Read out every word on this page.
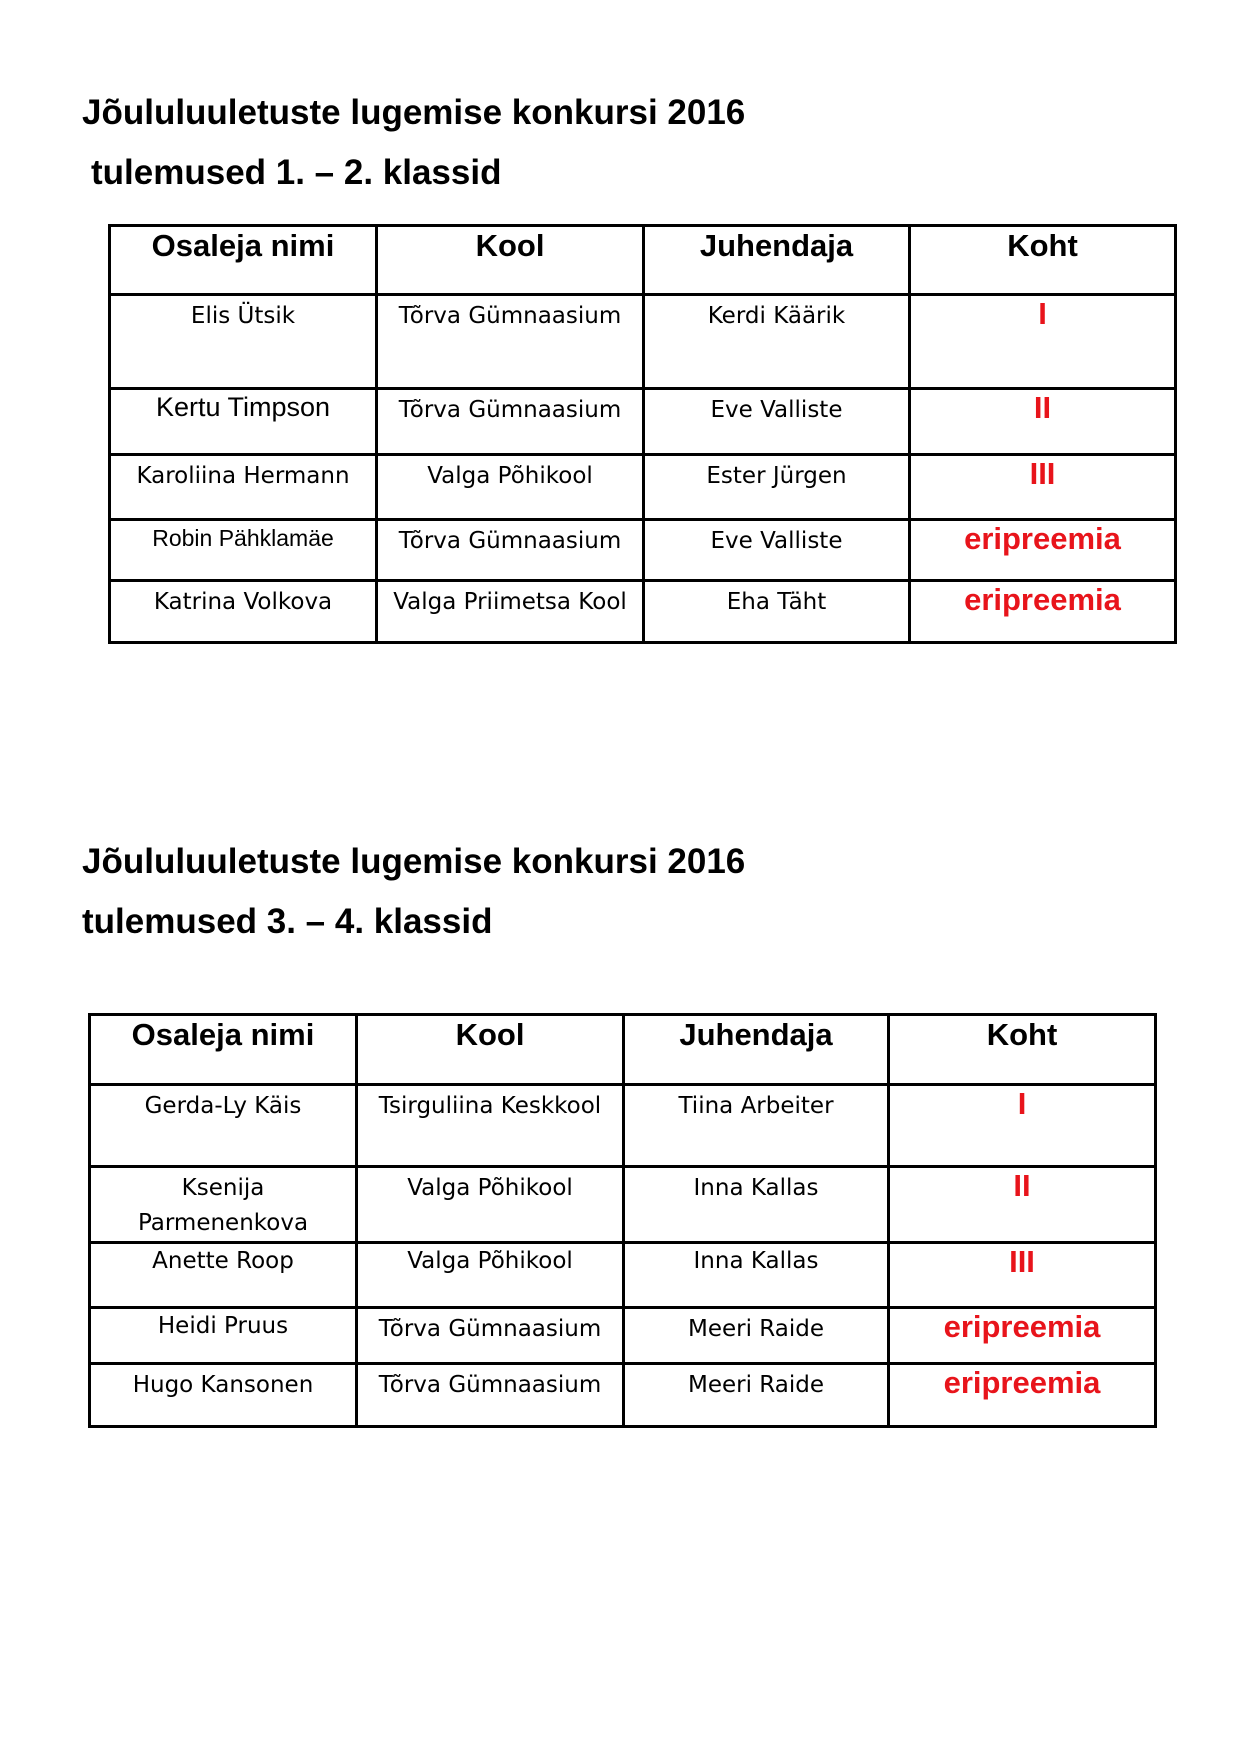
Jõululuuletuste lugemise konkursi 2016
tulemused 1. – 2. klassid
Osaleja nimi	Kool	Juhendaja	Koht
Elis Ütsik	Tõrva Gümnaasium	Kerdi Käärik	I
Kertu Timpson	Tõrva Gümnaasium	Eve Valliste	II
Karoliina Hermann	Valga Põhikool	Ester Jürgen	III
Robin Pähklamäe	Tõrva Gümnaasium	Eve Valliste	eripreemia
Katrina Volkova	Valga Priimetsa Kool	Eha Täht	eripreemia
Jõululuuletuste lugemise konkursi 2016
tulemused 3. – 4. klassid
Osaleja nimi	Kool	Juhendaja	Koht
Gerda-Ly Käis	Tsirguliina Keskkool	Tiina Arbeiter	I
Ksenija Parmenenkova	Valga Põhikool	Inna Kallas	II
Anette Roop	Valga Põhikool	Inna Kallas	III
Heidi Pruus	Tõrva Gümnaasium	Meeri Raide	eripreemia
Hugo Kansonen	Tõrva Gümnaasium	Meeri Raide	eripreemia
